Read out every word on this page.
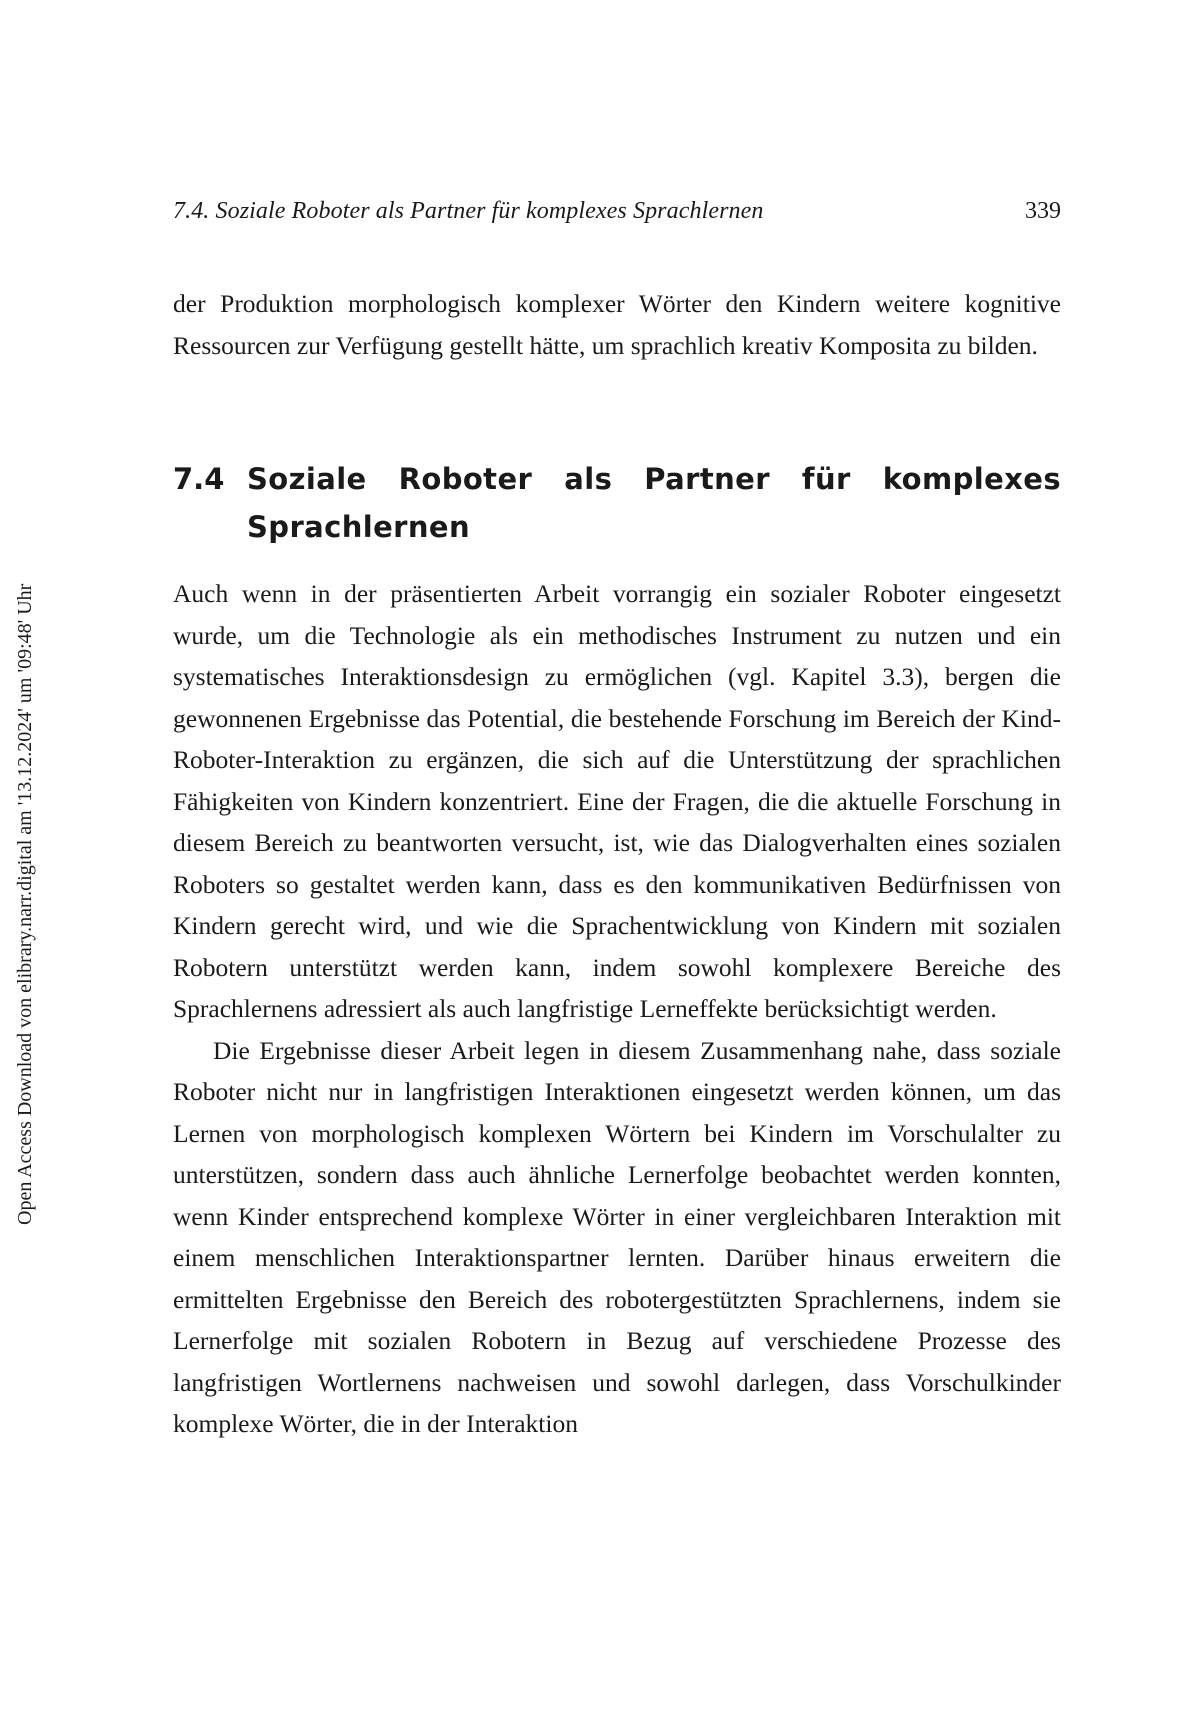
7.4. Soziale Roboter als Partner für komplexes Sprachlernen	339
der Produktion morphologisch komplexer Wörter den Kindern weitere kognitive Ressourcen zur Verfügung gestellt hätte, um sprachlich kreativ Komposita zu bilden.
7.4 Soziale Roboter als Partner für komplexes Sprachlernen

Auch wenn in der präsentierten Arbeit vorrangig ein sozialer Roboter eingesetzt wurde, um die Technologie als ein methodisches Instrument zu nutzen und ein systematisches Interaktionsdesign zu ermöglichen (vgl. Kapitel 3.3), bergen die gewonnenen Ergebnisse das Potential, die bestehende Forschung im Bereich der Kind-Roboter-Interaktion zu ergänzen, die sich auf die Unterstützung der sprachlichen Fähigkeiten von Kindern konzentriert. Eine der Fragen, die die aktuelle Forschung in diesem Bereich zu beantworten versucht, ist, wie das Dialogverhalten eines sozialen Roboters so gestaltet werden kann, dass es den kommunikativen Bedürfnissen von Kindern gerecht wird, und wie die Sprachentwicklung von Kindern mit sozialen Robotern unterstützt werden kann, indem sowohl komplexere Bereiche des Sprachlernens adressiert als auch langfristige Lerneffekte berücksichtigt werden.

Die Ergebnisse dieser Arbeit legen in diesem Zusammenhang nahe, dass soziale Roboter nicht nur in langfristigen Interaktionen eingesetzt werden können, um das Lernen von morphologisch komplexen Wörtern bei Kindern im Vorschulalter zu unterstützen, sondern dass auch ähnliche Lernerfolge beobachtet werden konnten, wenn Kinder entsprechend komplexe Wörter in einer vergleichbaren Interaktion mit einem menschlichen Interaktionspartner lernten. Darüber hinaus erweitern die ermittelten Ergebnisse den Bereich des robotergestützten Sprachlernens, indem sie Lernerfolge mit sozialen Robotern in Bezug auf verschiedene Prozesse des langfristigen Wortlernens nachweisen und sowohl darlegen, dass Vorschulkinder komplexe Wörter, die in der Interaktion

Open Access Download von elibrary.narr.digital am '13.12.2024' um '09:48' Uhr
